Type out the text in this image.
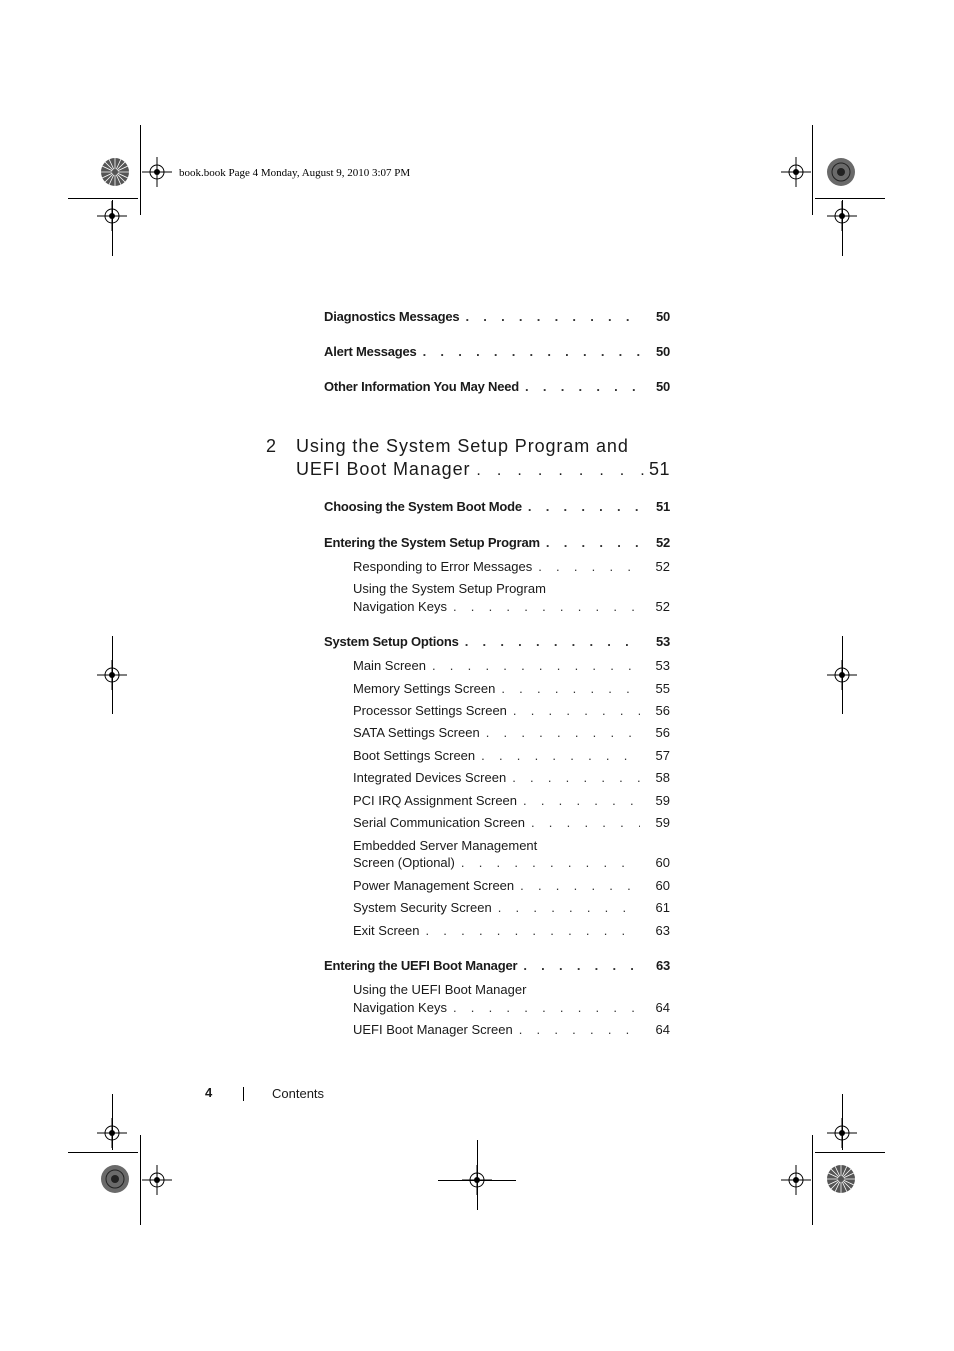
book.book Page 4 Monday, August 9, 2010 3:07 PM
Diagnostics Messages . . .	50
Alert Messages . . .	50
Other Information You May Need . . .	50
2 Using the System Setup Program and
UEFI Boot Manager . . .	51
Choosing the System Boot Mode . . .	51
Entering the System Setup Program . . .	52
Responding to Error Messages . . .	52
Using the System Setup Program
Navigation Keys . . .	52
System Setup Options . . .	53
Main Screen . . .	53
Memory Settings Screen . . .	55
Processor Settings Screen . . .	56
SATA Settings Screen . . .	56
Boot Settings Screen . . .	57
Integrated Devices Screen . . .	58
PCI IRQ Assignment Screen . . .	59
Serial Communication Screen . . .	59
Embedded Server Management
Screen (Optional) . . .	60
Power Management Screen . . .	60
System Security Screen . . .	61
Exit Screen . . .	63
Entering the UEFI Boot Manager . . .	63
Using the UEFI Boot Manager
Navigation Keys . . .	64
UEFI Boot Manager Screen . . .	64
4	Contents
